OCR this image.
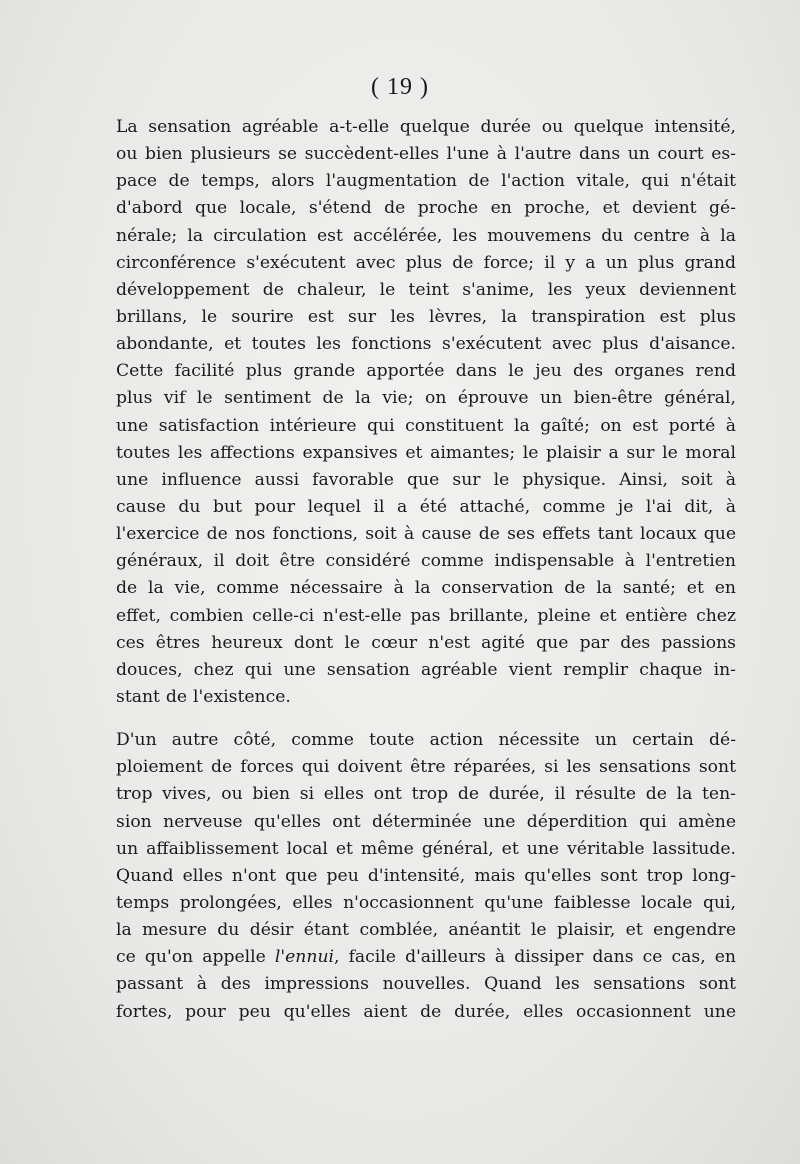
( 19 )
La sensation agréable a-t-elle quelque durée ou quelque intensité,
ou bien plusieurs se succèdent-elles l'une à l'autre dans un court es-
pace de temps, alors l'augmentation de l'action vitale, qui n'était
d'abord que locale, s'étend de proche en proche, et devient gé-
nérale; la circulation est accélérée, les mouvemens du centre à la
circonférence s'exécutent avec plus de force; il y a un plus grand
développement de chaleur, le teint s'anime, les yeux deviennent
brillans, le sourire est sur les lèvres, la transpiration est plus
abondante, et toutes les fonctions s'exécutent avec plus d'aisance.
Cette facilité plus grande apportée dans le jeu des organes rend
plus vif le sentiment de la vie; on éprouve un bien-être général,
une satisfaction intérieure qui constituent la gaîté; on est porté à
toutes les affections expansives et aimantes; le plaisir a sur le moral
une influence aussi favorable que sur le physique. Ainsi, soit à
cause du but pour lequel il a été attaché, comme je l'ai dit, à
l'exercice de nos fonctions, soit à cause de ses effets tant locaux que
généraux, il doit être considéré comme indispensable à l'entretien
de la vie, comme nécessaire à la conservation de la santé; et en
effet, combien celle-ci n'est-elle pas brillante, pleine et entière chez
ces êtres heureux dont le cœur n'est agité que par des passions
douces, chez qui une sensation agréable vient remplir chaque in-
stant de l'existence.
D'un autre côté, comme toute action nécessite un certain dé-
ploiement de forces qui doivent être réparées, si les sensations sont
trop vives, ou bien si elles ont trop de durée, il résulte de la ten-
sion nerveuse qu'elles ont déterminée une déperdition qui amène
un affaiblissement local et même général, et une véritable lassitude.
Quand elles n'ont que peu d'intensité, mais qu'elles sont trop long-
temps prolongées, elles n'occasionnent qu'une faiblesse locale qui,
la mesure du désir étant comblée, anéantit le plaisir, et engendre
ce qu'on appelle l'ennui, facile d'ailleurs à dissiper dans ce cas, en
passant à des impressions nouvelles. Quand les sensations sont
fortes, pour peu qu'elles aient de durée, elles occasionnent une
